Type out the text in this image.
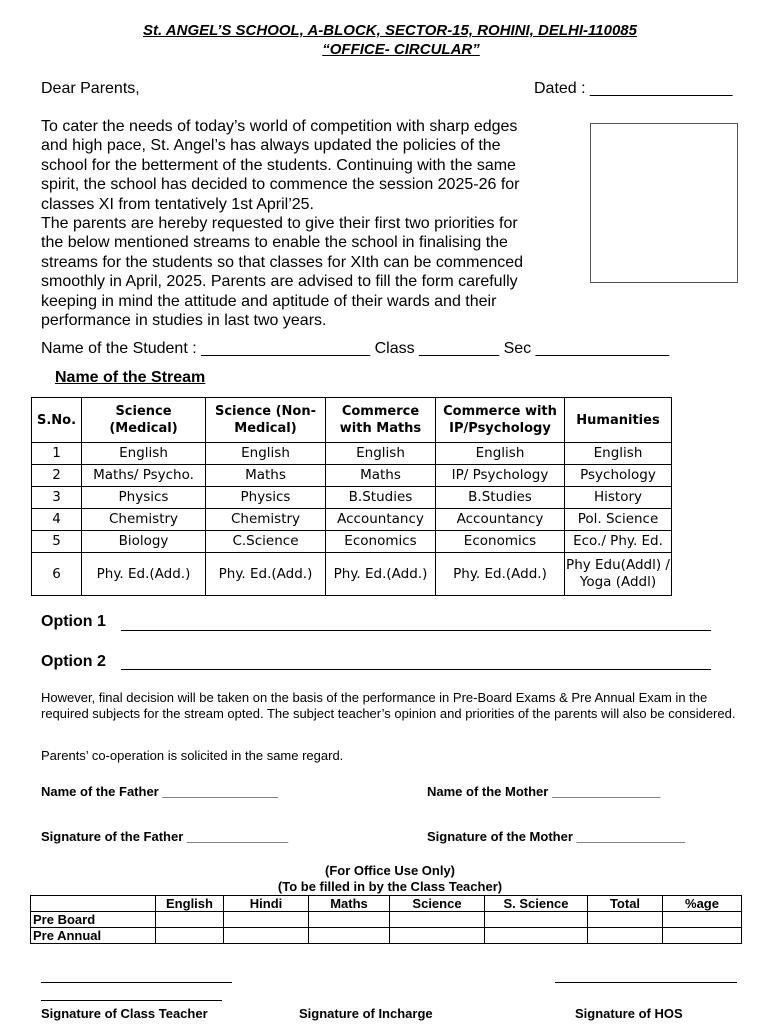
St. ANGEL’S SCHOOL, A-BLOCK, SECTOR-15, ROHINI, DELHI-110085
“OFFICE- CIRCULAR”
Dear Parents,	Dated : ________________
To cater the needs of today’s world of competition with sharp edges
and high pace, St. Angel’s has always updated the policies of the
school for the betterment of the students. Continuing with the same
spirit, the school has decided to commence the session 2025-26 for
classes XI from tentatively 1st April’25.
The parents are hereby requested to give their first two priorities for
the below mentioned streams to enable the school in finalising the
streams for the students so that classes for XIth can be commenced
smoothly in April, 2025. Parents are advised to fill the form carefully
keeping in mind the attitude and aptitude of their wards and their
performance in studies in last two years.
Name of the Student : ___________________ Class _________ Sec _______________
Name of the Stream
S.No.	Science (Medical)	Science (Non-Medical)	Commerce with Maths	Commerce with IP/Psychology	Humanities
1	English	English	English	English	English
2	Maths/ Psycho.	Maths	Maths	IP/ Psychology	Psychology
3	Physics	Physics	B.Studies	B.Studies	History
4	Chemistry	Chemistry	Accountancy	Accountancy	Pol. Science
5	Biology	C.Science	Economics	Economics	Eco./ Phy. Ed.
6	Phy. Ed.(Add.)	Phy. Ed.(Add.)	Phy. Ed.(Add.)	Phy. Ed.(Add.)	Phy Edu(Addl) / Yoga (Addl)
Option 1
Option 2
However, final decision will be taken on the basis of the performance in Pre-Board Exams & Pre Annual Exam in the required subjects for the stream opted. The subject teacher’s opinion and priorities of the parents will also be considered.
Parents’ co-operation is solicited in the same regard.
Name of the Father ________________	Name of the Mother _______________
Signature of the Father ______________	Signature of the Mother _______________
(For Office Use Only)
(To be filled in by the Class Teacher)
	English	Hindi	Maths	Science	S. Science	Total	%age
Pre Board							
Pre Annual							
Signature of Class Teacher	Signature of Incharge	Signature of HOS
